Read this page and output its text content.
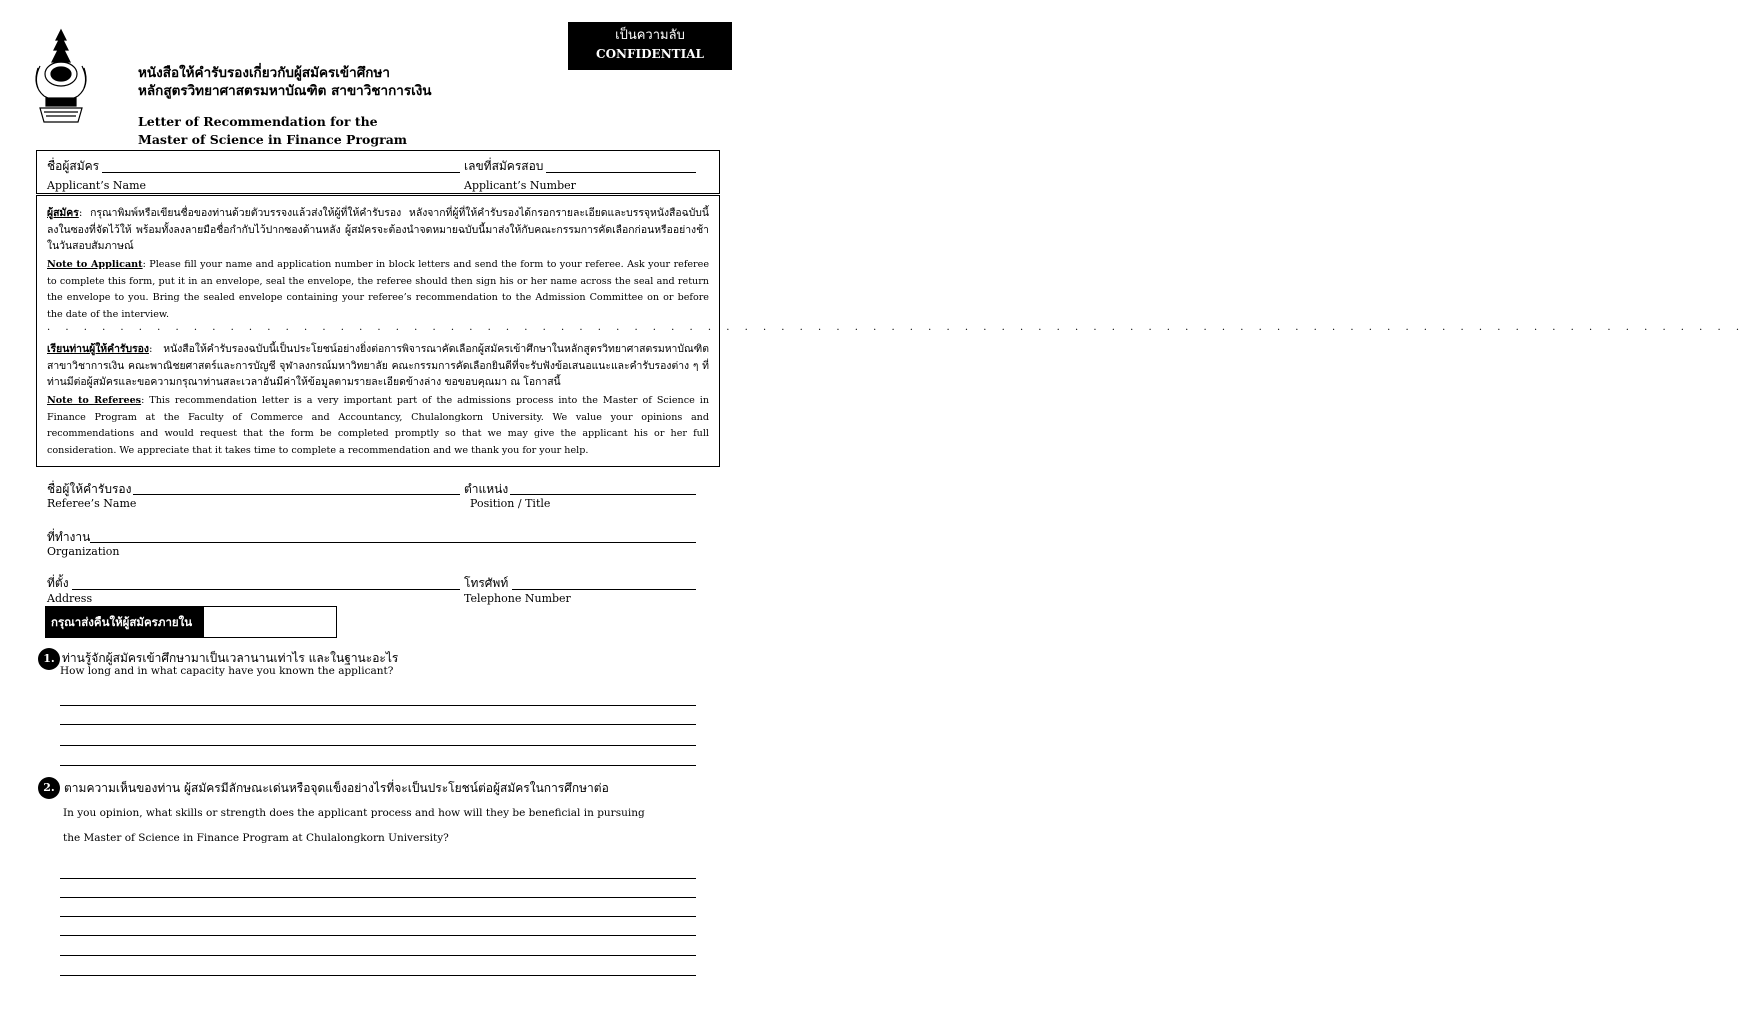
เป็นความลับ
CONFIDENTIAL
หนังสือให้คำรับรองเกี่ยวกับผู้สมัครเข้าศึกษา
หลักสูตรวิทยาศาสตรมหาบัณฑิต สาขาวิชาการเงิน
Letter of Recommendation for the
Master of Science in Finance Program
ชื่อผู้สมัคร
Applicant’s Name
เลขที่สมัครสอบ
Applicant’s Number
ผู้สมัคร: กรุณาพิมพ์หรือเขียนชื่อของท่านด้วยตัวบรรจงแล้วส่งให้ผู้ที่ให้คำรับรอง หลังจากที่ผู้ที่ให้คำรับรองได้กรอกรายละเอียดและบรรจุหนังสือฉบับนี้ลงในซองที่จัดไว้ให้ พร้อมทั้งลงลายมือชื่อกำกับไว้ปากซองด้านหลัง ผู้สมัครจะต้องนำจดหมายฉบับนี้มาส่งให้กับคณะกรรมการคัดเลือกก่อนหรืออย่างช้าในวันสอบสัมภาษณ์
Note to Applicant: Please fill your name and application number in block letters and send the form to your referee. Ask your referee to complete this form, put it in an envelope, seal the envelope, the referee should then sign his or her name across the seal and return the envelope to you. Bring the sealed envelope containing your referee’s recommendation to the Admission Committee on or before the date of the interview.
. . . . . . . . . . . . . . . . . . . . . . . . . . . . . . . . . . . . . . . . . . . . . . . . . . . . . . . . . . . . . . . . . . . . . . . . . . . . . . . . . . . . . . . . . . . . .
เรียนท่านผู้ให้คำรับรอง: หนังสือให้คำรับรองฉบับนี้เป็นประโยชน์อย่างยิ่งต่อการพิจารณาคัดเลือกผู้สมัครเข้าศึกษาในหลักสูตรวิทยาศาสตรมหาบัณฑิต สาขาวิชาการเงิน คณะพาณิชยศาสตร์และการบัญชี จุฬาลงกรณ์มหาวิทยาลัย คณะกรรมการคัดเลือกยินดีที่จะรับฟังข้อเสนอแนะและคำรับรองต่าง ๆ ที่ท่านมีต่อผู้สมัครและขอความกรุณาท่านสละเวลาอันมีค่าให้ข้อมูลตามรายละเอียดข้างล่าง ขอขอบคุณมา ณ โอกาสนี้
Note to Referees: This recommendation letter is a very important part of the admissions process into the Master of Science in Finance Program at the Faculty of Commerce and Accountancy, Chulalongkorn University. We value your opinions and recommendations and would request that the form be completed promptly so that we may give the applicant his or her full consideration. We appreciate that it takes time to complete a recommendation and we thank you for your help.
ชื่อผู้ให้คำรับรอง
Referee’s Name
ตำแหน่ง
Position / Title
ที่ทำงาน
Organization
ที่ตั้ง
Address
โทรศัพท์
Telephone Number
กรุณาส่งคืนให้ผู้สมัครภายใน
1. ท่านรู้จักผู้สมัครเข้าศึกษามาเป็นเวลานานเท่าไร และในฐานะอะไร
How long and in what capacity have you known the applicant?
2. ตามความเห็นของท่าน ผู้สมัครมีลักษณะเด่นหรือจุดแข็งอย่างไรที่จะเป็นประโยชน์ต่อผู้สมัครในการศึกษาต่อ
In you opinion, what skills or strength does the applicant process and how will they be beneficial in pursuing
the Master of Science in Finance Program at Chulalongkorn University?
